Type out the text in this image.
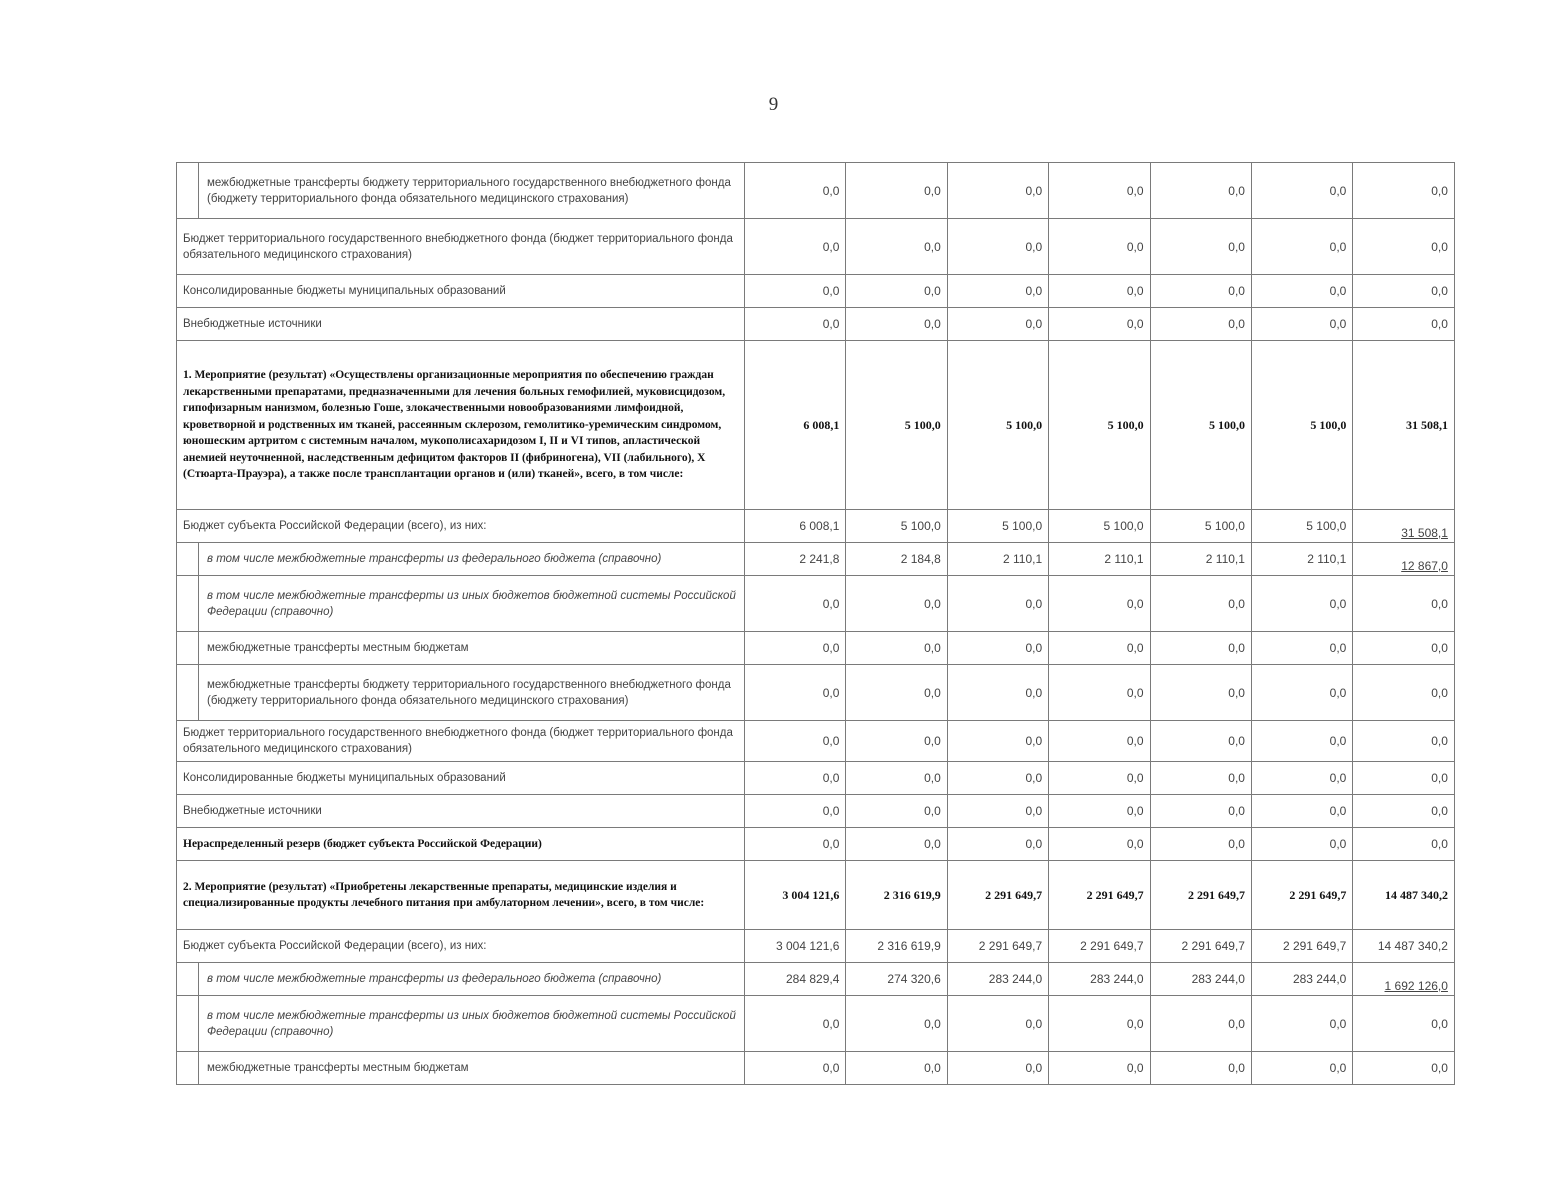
9
	межбюджетные трансферты бюджету территориального государственного внебюджетного фонда (бюджету территориального фонда обязательного медицинского страхования)	0,0	0,0	0,0	0,0	0,0	0,0	0,0
Бюджет территориального государственного внебюджетного фонда (бюджет территориального фонда обязательного медицинского страхования)		0,0	0,0	0,0	0,0	0,0	0,0	0,0
Консолидированные бюджеты муниципальных образований		0,0	0,0	0,0	0,0	0,0	0,0	0,0
Внебюджетные источники		0,0	0,0	0,0	0,0	0,0	0,0	0,0
1. Мероприятие (результат) «Осуществлены организационные мероприятия по обеспечению граждан лекарственными препаратами, предназначенными для лечения больных гемофилией, муковисцидозом, гипофизарным нанизмом, болезнью Гоше, злокачественными новообразованиями лимфоидной, кроветворной и родственных им тканей, рассеянным склерозом, гемолитико-уремическим синдромом, юношеским артритом с системным началом, мукополисахаридозом I, II и VI типов, апластической анемией неуточненной, наследственным дефицитом факторов II (фибриногена), VII (лабильного), X (Стюарта-Прауэра), а также после трансплантации органов и (или) тканей», всего, в том числе:		6 008,1	5 100,0	5 100,0	5 100,0	5 100,0	5 100,0	31 508,1
Бюджет субъекта Российской Федерации (всего), из них:		6 008,1	5 100,0	5 100,0	5 100,0	5 100,0	5 100,0	31 508,1
	в том числе межбюджетные трансферты из федерального бюджета (справочно)	2 241,8	2 184,8	2 110,1	2 110,1	2 110,1	2 110,1	12 867,0
	в том числе межбюджетные трансферты из иных бюджетов бюджетной системы Российской Федерации (справочно)	0,0	0,0	0,0	0,0	0,0	0,0	0,0
	межбюджетные трансферты местным бюджетам	0,0	0,0	0,0	0,0	0,0	0,0	0,0
	межбюджетные трансферты бюджету территориального государственного внебюджетного фонда (бюджету территориального фонда обязательного медицинского страхования)	0,0	0,0	0,0	0,0	0,0	0,0	0,0
Бюджет территориального государственного внебюджетного фонда (бюджет территориального фонда обязательного медицинского страхования)		0,0	0,0	0,0	0,0	0,0	0,0	0,0
Консолидированные бюджеты муниципальных образований		0,0	0,0	0,0	0,0	0,0	0,0	0,0
Внебюджетные источники		0,0	0,0	0,0	0,0	0,0	0,0	0,0
Нераспределенный резерв (бюджет субъекта Российской Федерации)		0,0	0,0	0,0	0,0	0,0	0,0	0,0
2. Мероприятие (результат) «Приобретены лекарственные препараты, медицинские изделия и специализированные продукты лечебного питания при амбулаторном лечении», всего, в том числе:		3 004 121,6	2 316 619,9	2 291 649,7	2 291 649,7	2 291 649,7	2 291 649,7	14 487 340,2
Бюджет субъекта Российской Федерации (всего), из них:		3 004 121,6	2 316 619,9	2 291 649,7	2 291 649,7	2 291 649,7	2 291 649,7	14 487 340,2
	в том числе межбюджетные трансферты из федерального бюджета (справочно)	284 829,4	274 320,6	283 244,0	283 244,0	283 244,0	283 244,0	1 692 126,0
	в том числе межбюджетные трансферты из иных бюджетов бюджетной системы Российской Федерации (справочно)	0,0	0,0	0,0	0,0	0,0	0,0	0,0
	межбюджетные трансферты местным бюджетам	0,0	0,0	0,0	0,0	0,0	0,0	0,0
